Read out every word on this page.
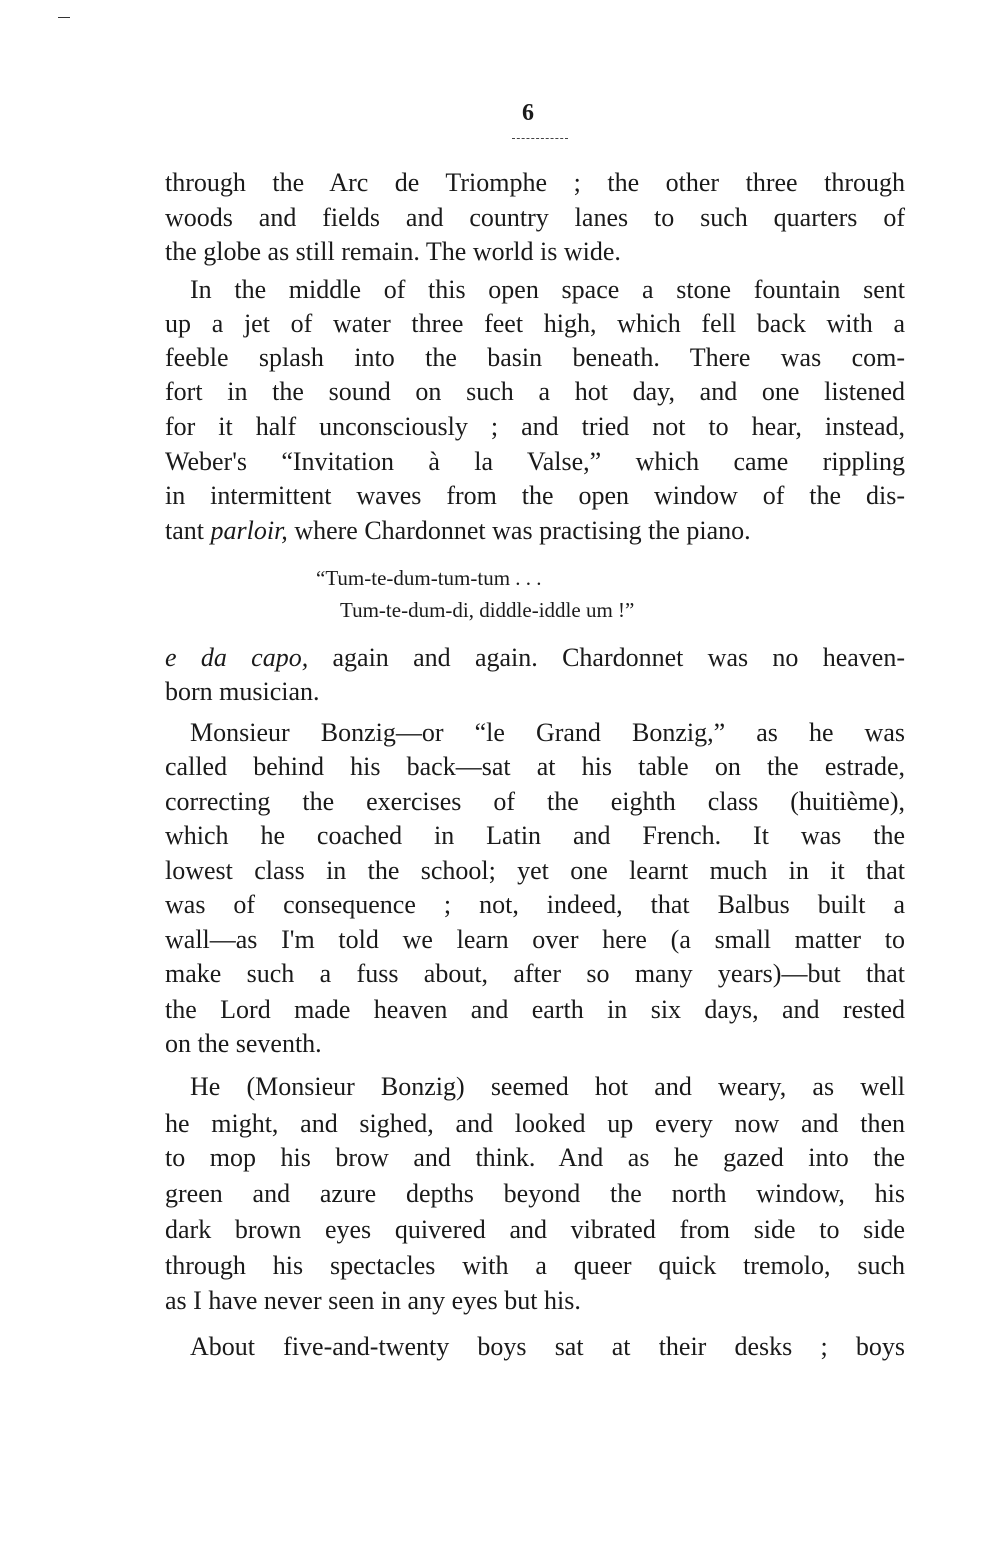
6
through the Arc de Triomphe ; the other three through
woods and fields and country lanes to such quarters of
the globe as still remain. The world is wide.
In the middle of this open space a stone fountain sent
up a jet of water three feet high, which fell back with a
feeble splash into the basin beneath. There was com-
fort in the sound on such a hot day, and one listened
for it half unconsciously ; and tried not to hear, instead,
Weber's “Invitation à la Valse,” which came rippling
in intermittent waves from the open window of the dis-
tant parloir, where Chardonnet was practising the piano.
“Tum-te-dum-tum-tum . . .
Tum-te-dum-di, diddle-iddle um !”
e da capo, again and again. Chardonnet was no heaven-
born musician.
Monsieur Bonzig—or “le Grand Bonzig,” as he was
called behind his back—sat at his table on the estrade,
correcting the exercises of the eighth class (huitième),
which he coached in Latin and French. It was the
lowest class in the school; yet one learnt much in it that
was of consequence ; not, indeed, that Balbus built a
wall—as I'm told we learn over here (a small matter to
make such a fuss about, after so many years)—but that
the Lord made heaven and earth in six days, and rested
on the seventh.
He (Monsieur Bonzig) seemed hot and weary, as well
he might, and sighed, and looked up every now and then
to mop his brow and think. And as he gazed into the
green and azure depths beyond the north window, his
dark brown eyes quivered and vibrated from side to side
through his spectacles with a queer quick tremolo, such
as I have never seen in any eyes but his.
About five-and-twenty boys sat at their desks ; boys
